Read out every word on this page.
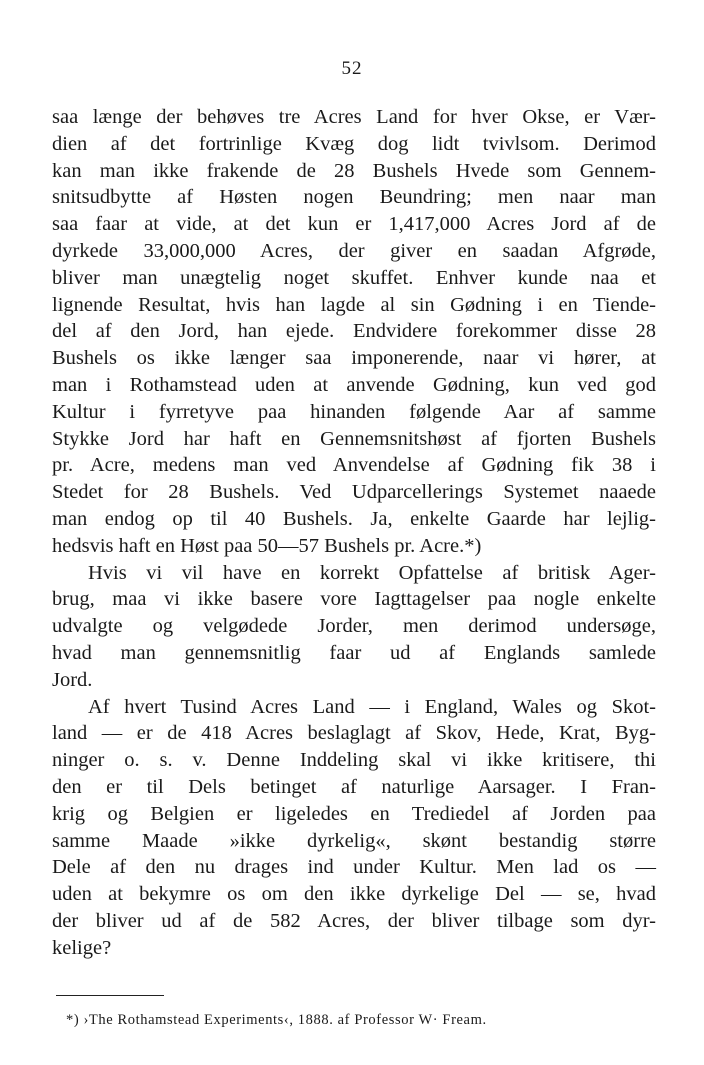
52

saa længe der behøves tre Acres Land for hver Okse, er Vær-
dien af det fortrinlige Kvæg dog lidt tvivlsom. Derimod
kan man ikke frakende de 28 Bushels Hvede som Gennem-
snitsudbytte af Høsten nogen Beundring; men naar man
saa faar at vide, at det kun er 1,417,000 Acres Jord af de
dyrkede 33,000,000 Acres, der giver en saadan Afgrøde,
bliver man unægtelig noget skuffet. Enhver kunde naa et
lignende Resultat, hvis han lagde al sin Gødning i en Tiende-
del af den Jord, han ejede. Endvidere forekommer disse 28
Bushels os ikke længer saa imponerende, naar vi hører, at
man i Rothamstead uden at anvende Gødning, kun ved god
Kultur i fyrretyve paa hinanden følgende Aar af samme
Stykke Jord har haft en Gennemsnitshøst af fjorten Bushels
pr. Acre, medens man ved Anvendelse af Gødning fik 38 i
Stedet for 28 Bushels. Ved Udparcellerings Systemet naaede
man endog op til 40 Bushels. Ja, enkelte Gaarde har lejlig-
hedsvis haft en Høst paa 50—57 Bushels pr. Acre.*)

Hvis vi vil have en korrekt Opfattelse af britisk Ager-
brug, maa vi ikke basere vore Iagttagelser paa nogle enkelte
udvalgte og velgødede Jorder, men derimod undersøge,
hvad man gennemsnitlig faar ud af Englands samlede
Jord.

Af hvert Tusind Acres Land — i England, Wales og Skot-
land — er de 418 Acres beslaglagt af Skov, Hede, Krat, Byg-
ninger o. s. v. Denne Inddeling skal vi ikke kritisere, thi
den er til Dels betinget af naturlige Aarsager. I Fran-
krig og Belgien er ligeledes en Trediedel af Jorden paa
samme Maade »ikke dyrkelig«, skønt bestandig større
Dele af den nu drages ind under Kultur. Men lad os —
uden at bekymre os om den ikke dyrkelige Del — se, hvad
der bliver ud af de 582 Acres, der bliver tilbage som dyr-
kelige?

*) ›The Rothamstead Experiments‹, 1888. af Professor W· Fream.
